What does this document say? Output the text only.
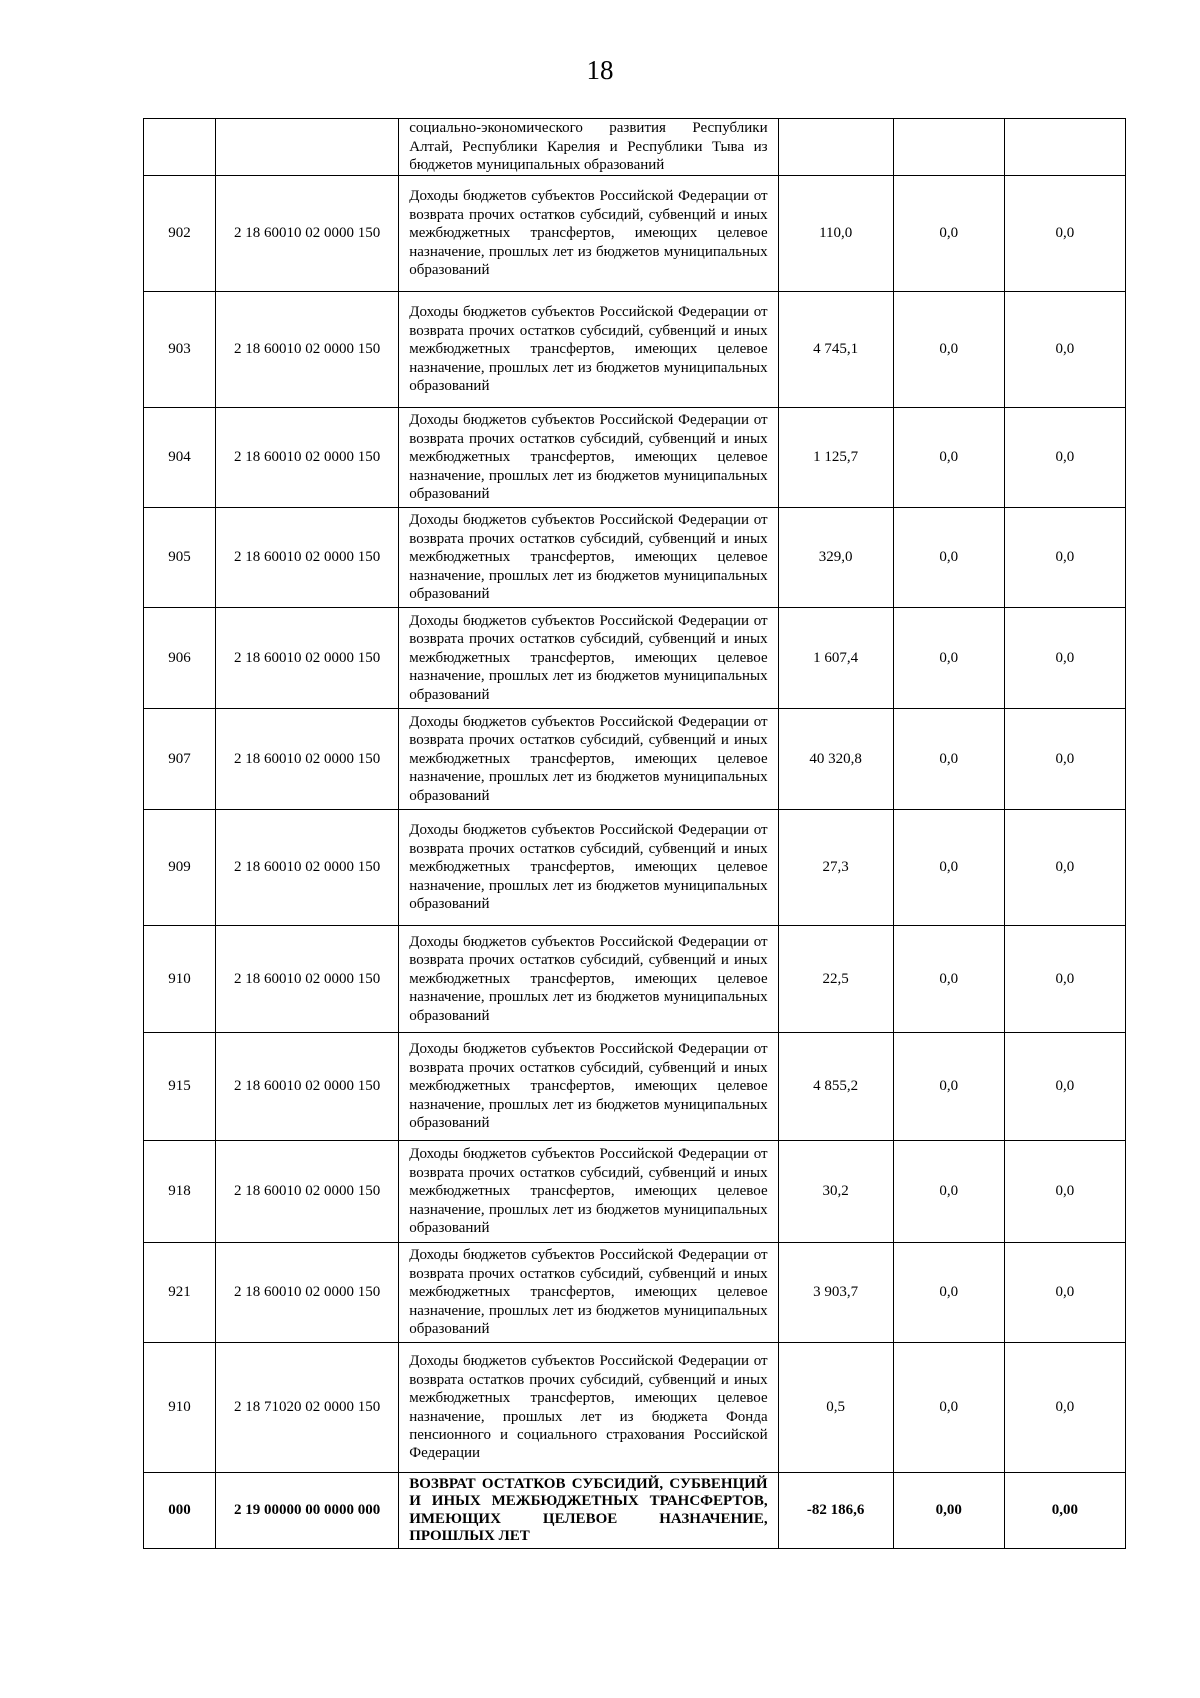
18
		социально-экономического развития Республики Алтай, Республики Карелия и Республики Тыва из бюджетов муниципальных образований			
902	2 18 60010 02 0000 150	Доходы бюджетов субъектов Российской Федерации от возврата прочих остатков субсидий, субвенций и иных межбюджетных трансфертов, имеющих целевое назначение, прошлых лет из бюджетов муниципальных образований	110,0	0,0	0,0
903	2 18 60010 02 0000 150	Доходы бюджетов субъектов Российской Федерации от возврата прочих остатков субсидий, субвенций и иных межбюджетных трансфертов, имеющих целевое назначение, прошлых лет из бюджетов муниципальных образований	4 745,1	0,0	0,0
904	2 18 60010 02 0000 150	Доходы бюджетов субъектов Российской Федерации от возврата прочих остатков субсидий, субвенций и иных межбюджетных трансфертов, имеющих целевое назначение, прошлых лет из бюджетов муниципальных образований	1 125,7	0,0	0,0
905	2 18 60010 02 0000 150	Доходы бюджетов субъектов Российской Федерации от возврата прочих остатков субсидий, субвенций и иных межбюджетных трансфертов, имеющих целевое назначение, прошлых лет из бюджетов муниципальных образований	329,0	0,0	0,0
906	2 18 60010 02 0000 150	Доходы бюджетов субъектов Российской Федерации от возврата прочих остатков субсидий, субвенций и иных межбюджетных трансфертов, имеющих целевое назначение, прошлых лет из бюджетов муниципальных образований	1 607,4	0,0	0,0
907	2 18 60010 02 0000 150	Доходы бюджетов субъектов Российской Федерации от возврата прочих остатков субсидий, субвенций и иных межбюджетных трансфертов, имеющих целевое назначение, прошлых лет из бюджетов муниципальных образований	40 320,8	0,0	0,0
909	2 18 60010 02 0000 150	Доходы бюджетов субъектов Российской Федерации от возврата прочих остатков субсидий, субвенций и иных межбюджетных трансфертов, имеющих целевое назначение, прошлых лет из бюджетов муниципальных образований	27,3	0,0	0,0
910	2 18 60010 02 0000 150	Доходы бюджетов субъектов Российской Федерации от возврата прочих остатков субсидий, субвенций и иных межбюджетных трансфертов, имеющих целевое назначение, прошлых лет из бюджетов муниципальных образований	22,5	0,0	0,0
915	2 18 60010 02 0000 150	Доходы бюджетов субъектов Российской Федерации от возврата прочих остатков субсидий, субвенций и иных межбюджетных трансфертов, имеющих целевое назначение, прошлых лет из бюджетов муниципальных образований	4 855,2	0,0	0,0
918	2 18 60010 02 0000 150	Доходы бюджетов субъектов Российской Федерации от возврата прочих остатков субсидий, субвенций и иных межбюджетных трансфертов, имеющих целевое назначение, прошлых лет из бюджетов муниципальных образований	30,2	0,0	0,0
921	2 18 60010 02 0000 150	Доходы бюджетов субъектов Российской Федерации от возврата прочих остатков субсидий, субвенций и иных межбюджетных трансфертов, имеющих целевое назначение, прошлых лет из бюджетов муниципальных образований	3 903,7	0,0	0,0
910	2 18 71020 02 0000 150	Доходы бюджетов субъектов Российской Федерации от возврата остатков прочих субсидий, субвенций и иных межбюджетных трансфертов, имеющих целевое назначение, прошлых лет из бюджета Фонда пенсионного и социального страхования Российской Федерации	0,5	0,0	0,0
000	2 19 00000 00 0000 000	ВОЗВРАТ ОСТАТКОВ СУБСИДИЙ, СУБВЕНЦИЙ И ИНЫХ МЕЖБЮДЖЕТНЫХ ТРАНСФЕРТОВ, ИМЕЮЩИХ ЦЕЛЕВОЕ НАЗНАЧЕНИЕ, ПРОШЛЫХ ЛЕТ	-82 186,6	0,00	0,00
